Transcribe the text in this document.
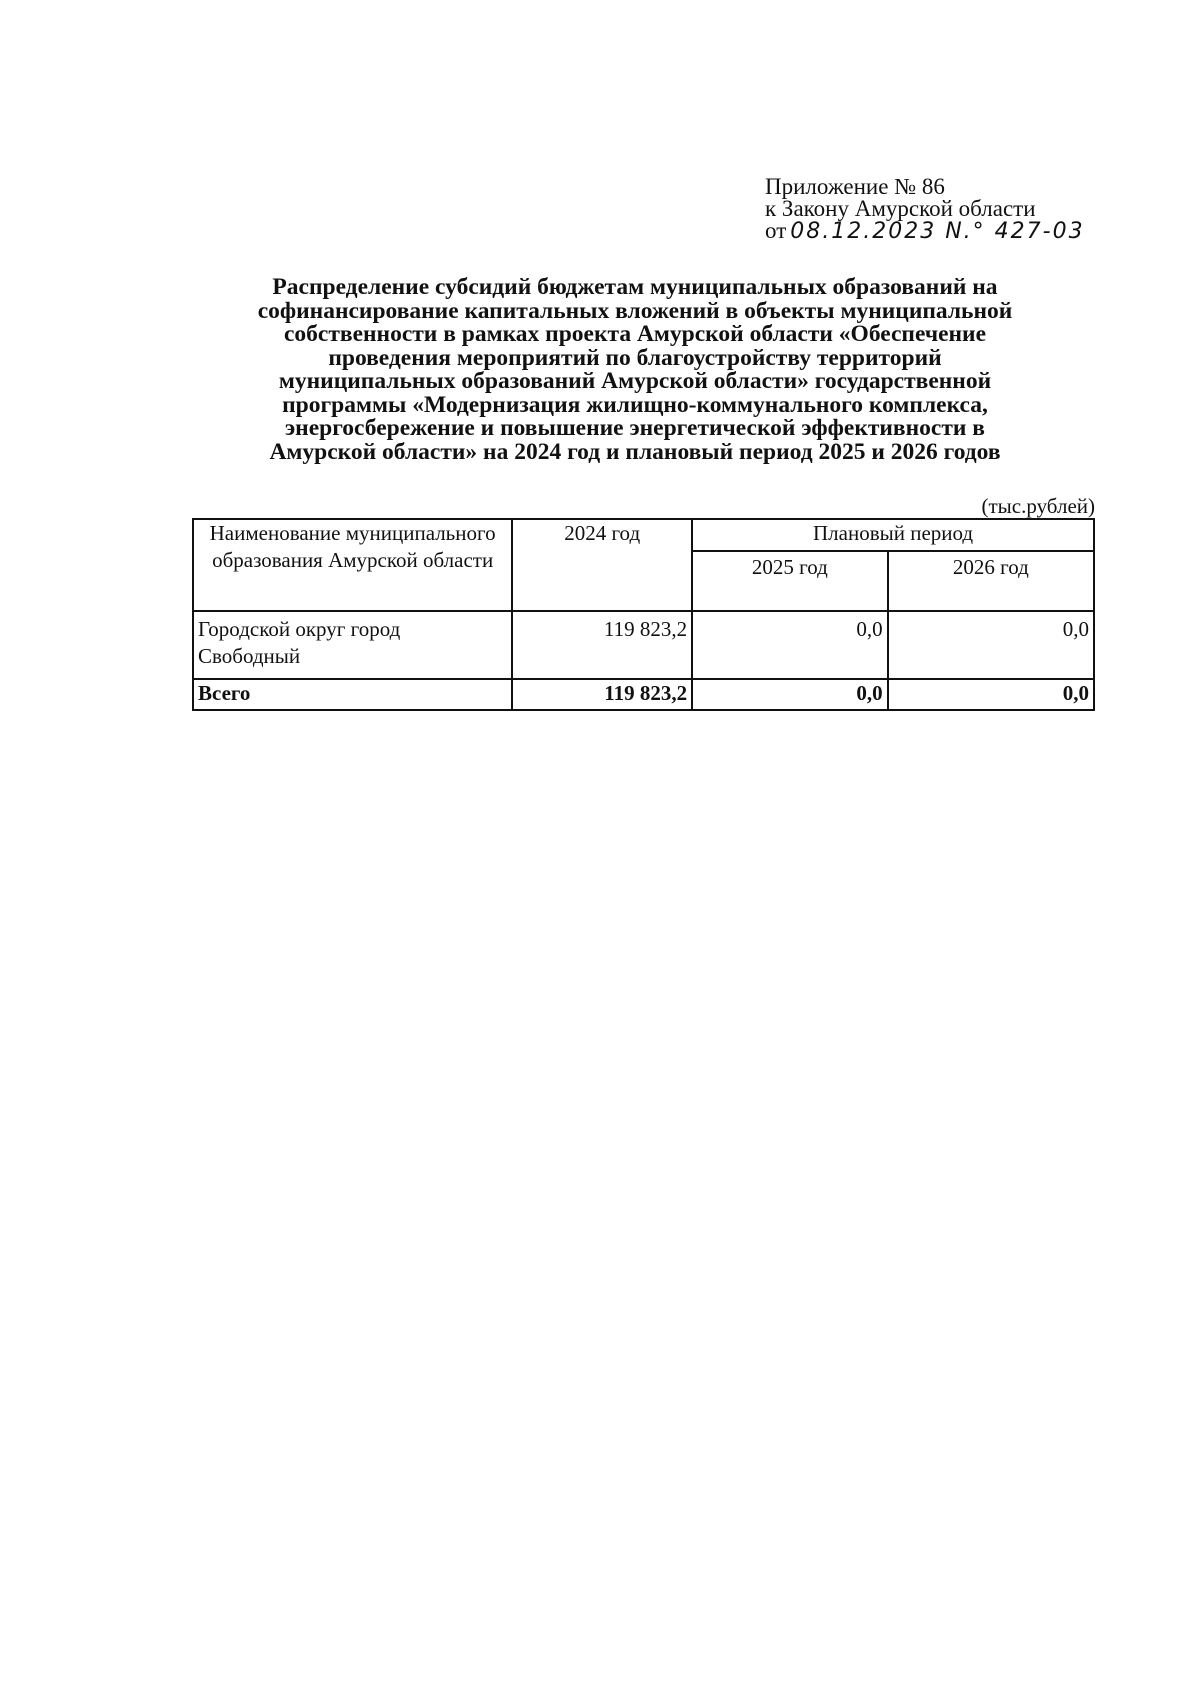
Приложение № 86
к Закону Амурской области
от 08.12.2023 N.° 427-03
Распределение субсидий бюджетам муниципальных образований на
софинансирование капитальных вложений в объекты муниципальной
собственности в рамках проекта Амурской области «Обеспечение
проведения мероприятий по благоустройству территорий
муниципальных образований Амурской области» государственной
программы «Модернизация жилищно-коммунального комплекса,
энергосбережение и повышение энергетической эффективности в
Амурской области» на 2024 год и плановый период 2025 и 2026 годов
(тыс.рублей)
Наименование муниципального образования Амурской области	2024 год	Плановый период	
		2025 год	2026 год
Городской округ город Свободный	119 823,2	0,0	0,0
Всего	119 823,2	0,0	0,0
